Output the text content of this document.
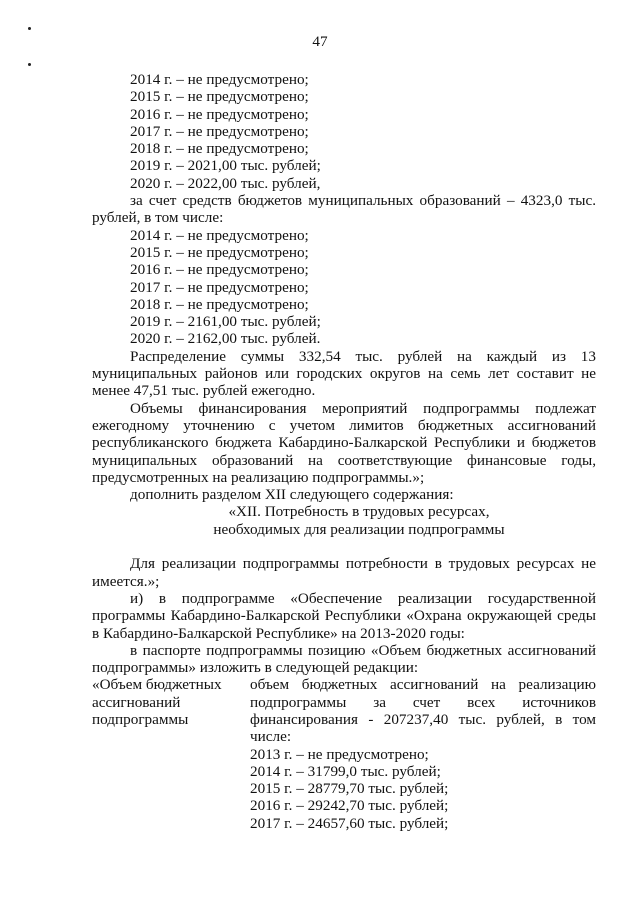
47
2014 г. – не предусмотрено;
2015 г. – не предусмотрено;
2016 г. – не предусмотрено;
2017 г. – не предусмотрено;
2018 г. – не предусмотрено;
2019 г. – 2021,00 тыс. рублей;
2020 г. – 2022,00 тыс. рублей,
за счет средств бюджетов муниципальных образований – 4323,0 тыс.
рублей, в том числе:
2014 г. – не предусмотрено;
2015 г. – не предусмотрено;
2016 г. – не предусмотрено;
2017 г. – не предусмотрено;
2018 г. – не предусмотрено;
2019 г. – 2161,00 тыс. рублей;
2020 г. – 2162,00 тыс. рублей.
Распределение суммы 332,54 тыс. рублей на каждый из 13
муниципальных районов или городских округов на семь лет составит не
менее 47,51 тыс. рублей ежегодно.
Объемы финансирования мероприятий подпрограммы подлежат
ежегодному уточнению с учетом лимитов бюджетных ассигнований
республиканского бюджета Кабардино-Балкарской Республики и бюджетов
муниципальных образований на соответствующие финансовые годы,
предусмотренных на реализацию подпрограммы.»;
дополнить разделом XII следующего содержания:
«XII. Потребность в трудовых ресурсах,
необходимых для реализации подпрограммы
Для реализации подпрограммы потребности в трудовых ресурсах не
имеется.»;
и) в подпрограмме «Обеспечение реализации государственной
программы Кабардино-Балкарской Республики «Охрана окружающей среды
в Кабардино-Балкарской Республике» на 2013-2020 годы:
в паспорте подпрограммы позицию «Объем бюджетных ассигнований
подпрограммы» изложить в следующей редакции:
«Объем бюджетных	объем бюджетных ассигнований на реализацию
ассигнований	подпрограммы за счет всех источников
подпрограммы	финансирования - 207237,40 тыс. рублей, в том
числе:
2013 г. – не предусмотрено;
2014 г. – 31799,0 тыс. рублей;
2015 г. – 28779,70 тыс. рублей;
2016 г. – 29242,70 тыс. рублей;
2017 г. – 24657,60 тыс. рублей;
